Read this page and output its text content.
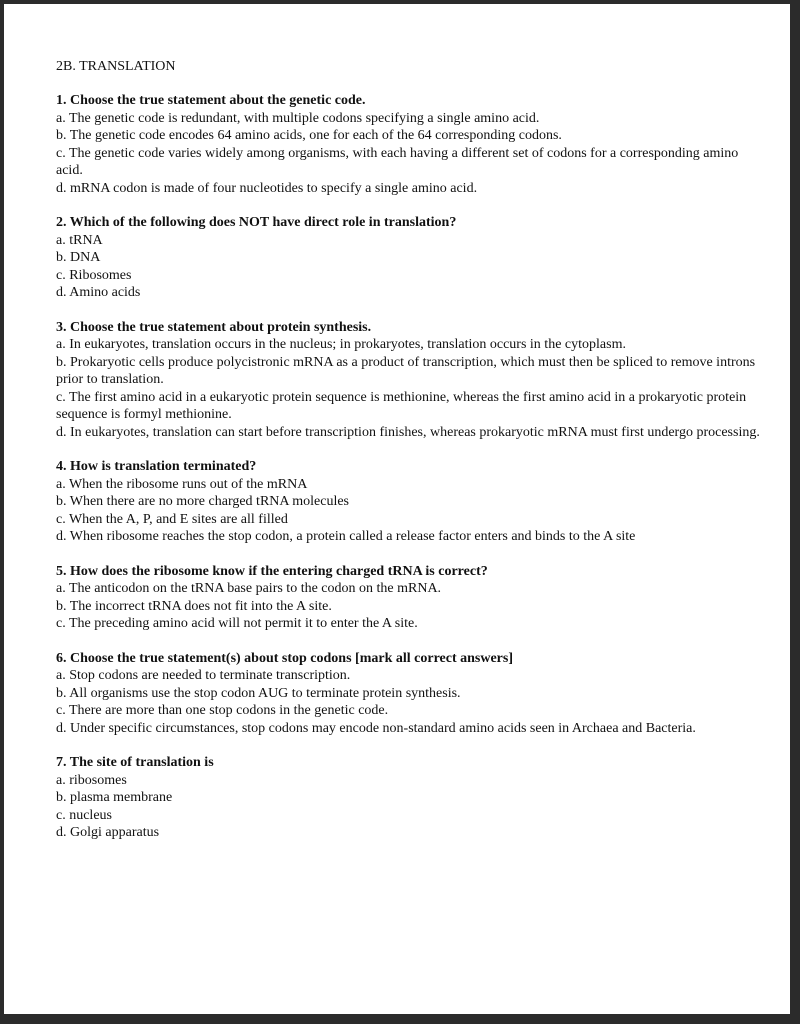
2B. TRANSLATION

1. Choose the true statement about the genetic code.

a. The genetic code is redundant, with multiple codons specifying a single amino acid.

b. The genetic code encodes 64 amino acids, one for each of the 64 corresponding codons.

c. The genetic code varies widely among organisms, with each having a different set of codons for a corresponding amino acid.

d. mRNA codon is made of four nucleotides to specify a single amino acid.

2. Which of the following does NOT have direct role in translation?

a. tRNA

b. DNA

c. Ribosomes

d. Amino acids

3. Choose the true statement about protein synthesis.

a. In eukaryotes, translation occurs in the nucleus; in prokaryotes, translation occurs in the cytoplasm.

b. Prokaryotic cells produce polycistronic mRNA as a product of transcription, which must then be spliced to remove introns prior to translation.

c. The first amino acid in a eukaryotic protein sequence is methionine, whereas the first amino acid in a prokaryotic protein sequence is formyl methionine.

d. In eukaryotes, translation can start before transcription finishes, whereas prokaryotic mRNA must first undergo processing.

4. How is translation terminated?

a. When the ribosome runs out of the mRNA

b. When there are no more charged tRNA molecules

c. When the A, P, and E sites are all filled

d. When ribosome reaches the stop codon, a protein called a release factor enters and binds to the A site

5. How does the ribosome know if the entering charged tRNA is correct?

a. The anticodon on the tRNA base pairs to the codon on the mRNA.

b. The incorrect tRNA does not fit into the A site.

c. The preceding amino acid will not permit it to enter the A site.

6. Choose the true statement(s) about stop codons [mark all correct answers]

a. Stop codons are needed to terminate transcription.

b. All organisms use the stop codon AUG to terminate protein synthesis.

c. There are more than one stop codons in the genetic code.

d. Under specific circumstances, stop codons may encode non-standard amino acids seen in Archaea and Bacteria.

7. The site of translation is

a. ribosomes

b. plasma membrane

c. nucleus

d. Golgi apparatus
